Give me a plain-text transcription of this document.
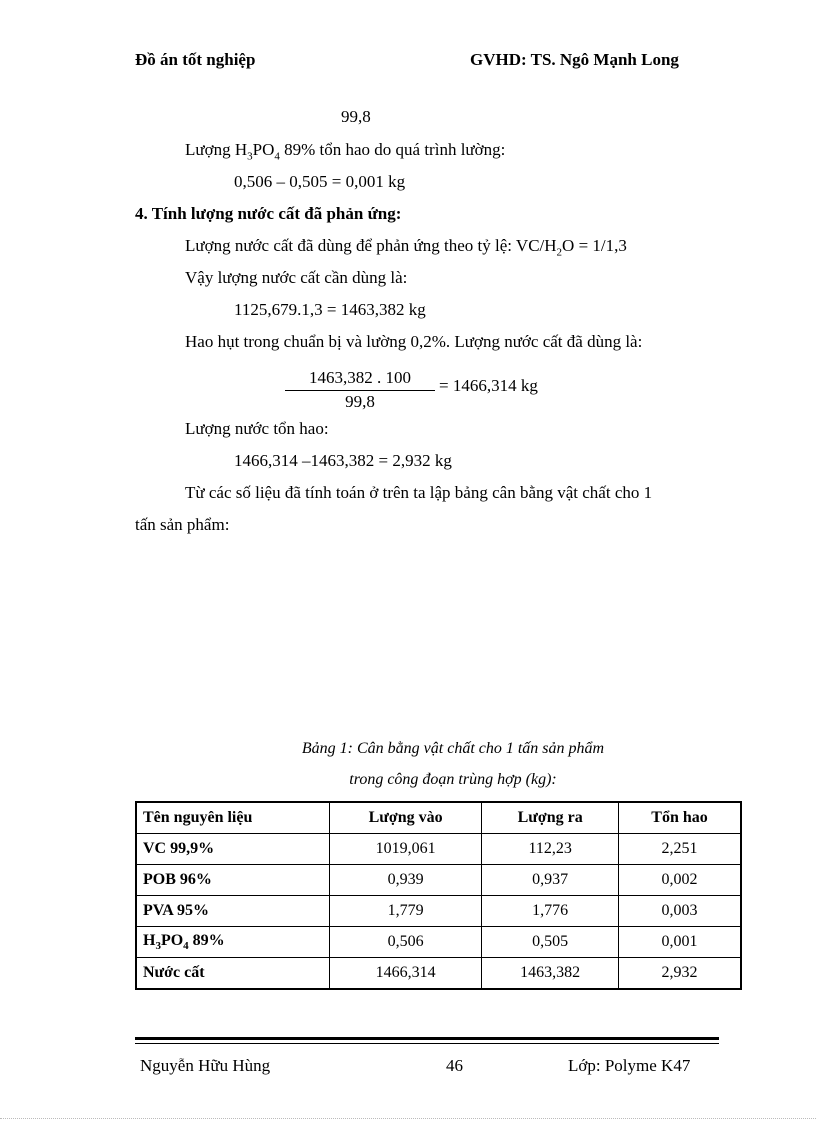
Đồ án tốt nghiệp	GVHD: TS. Ngô Mạnh Long
99,8
Lượng $H_3PO_4$ 89% tổn hao do quá trình lường:
0,506 – 0,505 = 0,001 kg
4. Tính lượng nước cất đã phản ứng:
Lượng nước cất đã dùng để phản ứng theo tỷ lệ: $VC/H_2O = 1/1,3$
Vậy lượng nước cất cần dùng là:
1125,679.1,3 = 1463,382 kg
Hao hụt trong chuẩn bị và lường 0,2%. Lượng nước cất đã dùng là:
$\frac{1463,382 . 100}{99,8} = 1466,314$ kg
Lượng nước tổn hao:
1466,314 –1463,382 = 2,932 kg
Từ các số liệu đã tính toán ở trên ta lập bảng cân bằng vật chất cho 1
tấn sản phẩm:
Bảng 1: Cân bằng vật chất cho 1 tấn sản phẩm
trong công đoạn trùng hợp (kg):
Tên nguyên liệu	Lượng vào	Lượng ra	Tổn hao
VC 99,9%	1019,061	112,23	2,251
POB 96%	0,939	0,937	0,002
PVA 95%	1,779	1,776	0,003
$H_3PO_4$ 89%	0,506	0,505	0,001
Nước cất	1466,314	1463,382	2,932
Nguyễn Hữu Hùng	46	Lớp: Polyme K47
